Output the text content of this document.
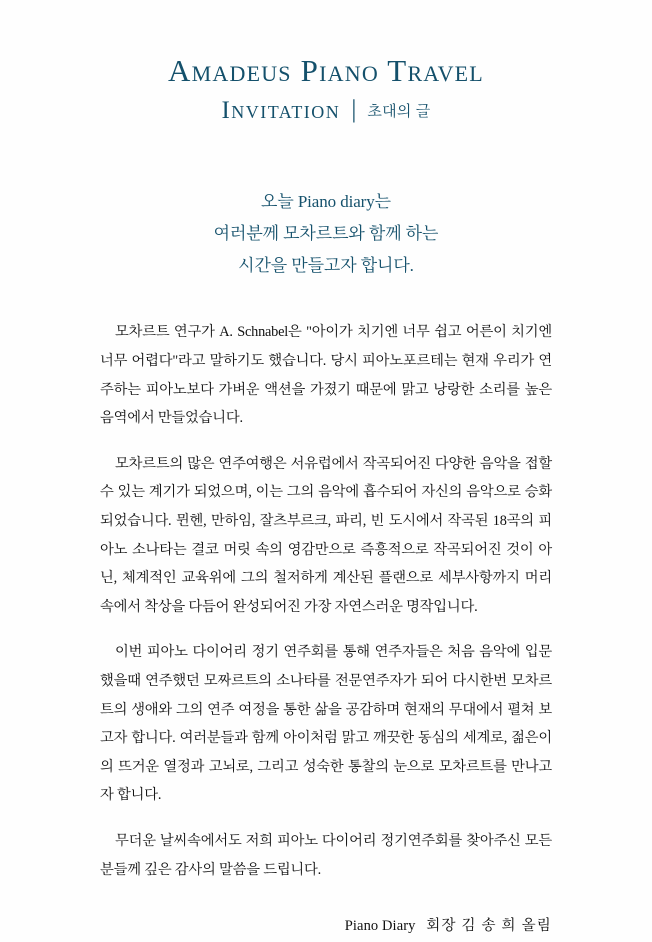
Amadeus Piano Travel
Invitation | 초대의 글
오늘 Piano diary는
여러분께 모차르트와 함께 하는
시간을 만들고자 합니다.

모차르트 연구가 A. Schnabel은 "아이가 치기엔 너무 쉽고 어른이 치기엔 너무 어렵다"라고 말하기도 했습니다. 당시 피아노포르테는 현재 우리가 연주하는 피아노보다 가벼운 액션을 가졌기 때문에 맑고 낭랑한 소리를 높은 음역에서 만들었습니다.

모차르트의 많은 연주여행은 서유럽에서 작곡되어진 다양한 음악을 접할 수 있는 계기가 되었으며, 이는 그의 음악에 흡수되어 자신의 음악으로 승화되었습니다. 뮌헨, 만하임, 잘츠부르크, 파리, 빈 도시에서 작곡된 18곡의 피아노 소나타는 결코 머릿 속의 영감만으로 즉흥적으로 작곡되어진 것이 아닌, 체계적인 교육위에 그의 철저하게 계산된 플랜으로 세부사항까지 머리 속에서 착상을 다듬어 완성되어진 가장 자연스러운 명작입니다.

이번 피아노 다이어리 정기 연주회를 통해 연주자들은 처음 음악에 입문했을때 연주했던 모짜르트의 소나타를 전문연주자가 되어 다시한번 모차르트의 생애와 그의 연주 여정을 통한 삶을 공감하며 현재의 무대에서 펼쳐 보고자 합니다. 여러분들과 함께 아이처럼 맑고 깨끗한 동심의 세계로, 젊은이의 뜨거운 열정과 고뇌로, 그리고 성숙한 통찰의 눈으로 모차르트를 만나고자 합니다.

무더운 날씨속에서도 저희 피아노 다이어리 정기연주회를 찾아주신 모든 분들께 깊은 감사의 말씀을 드립니다.

Piano Diary 회장 김 송 희 올림
